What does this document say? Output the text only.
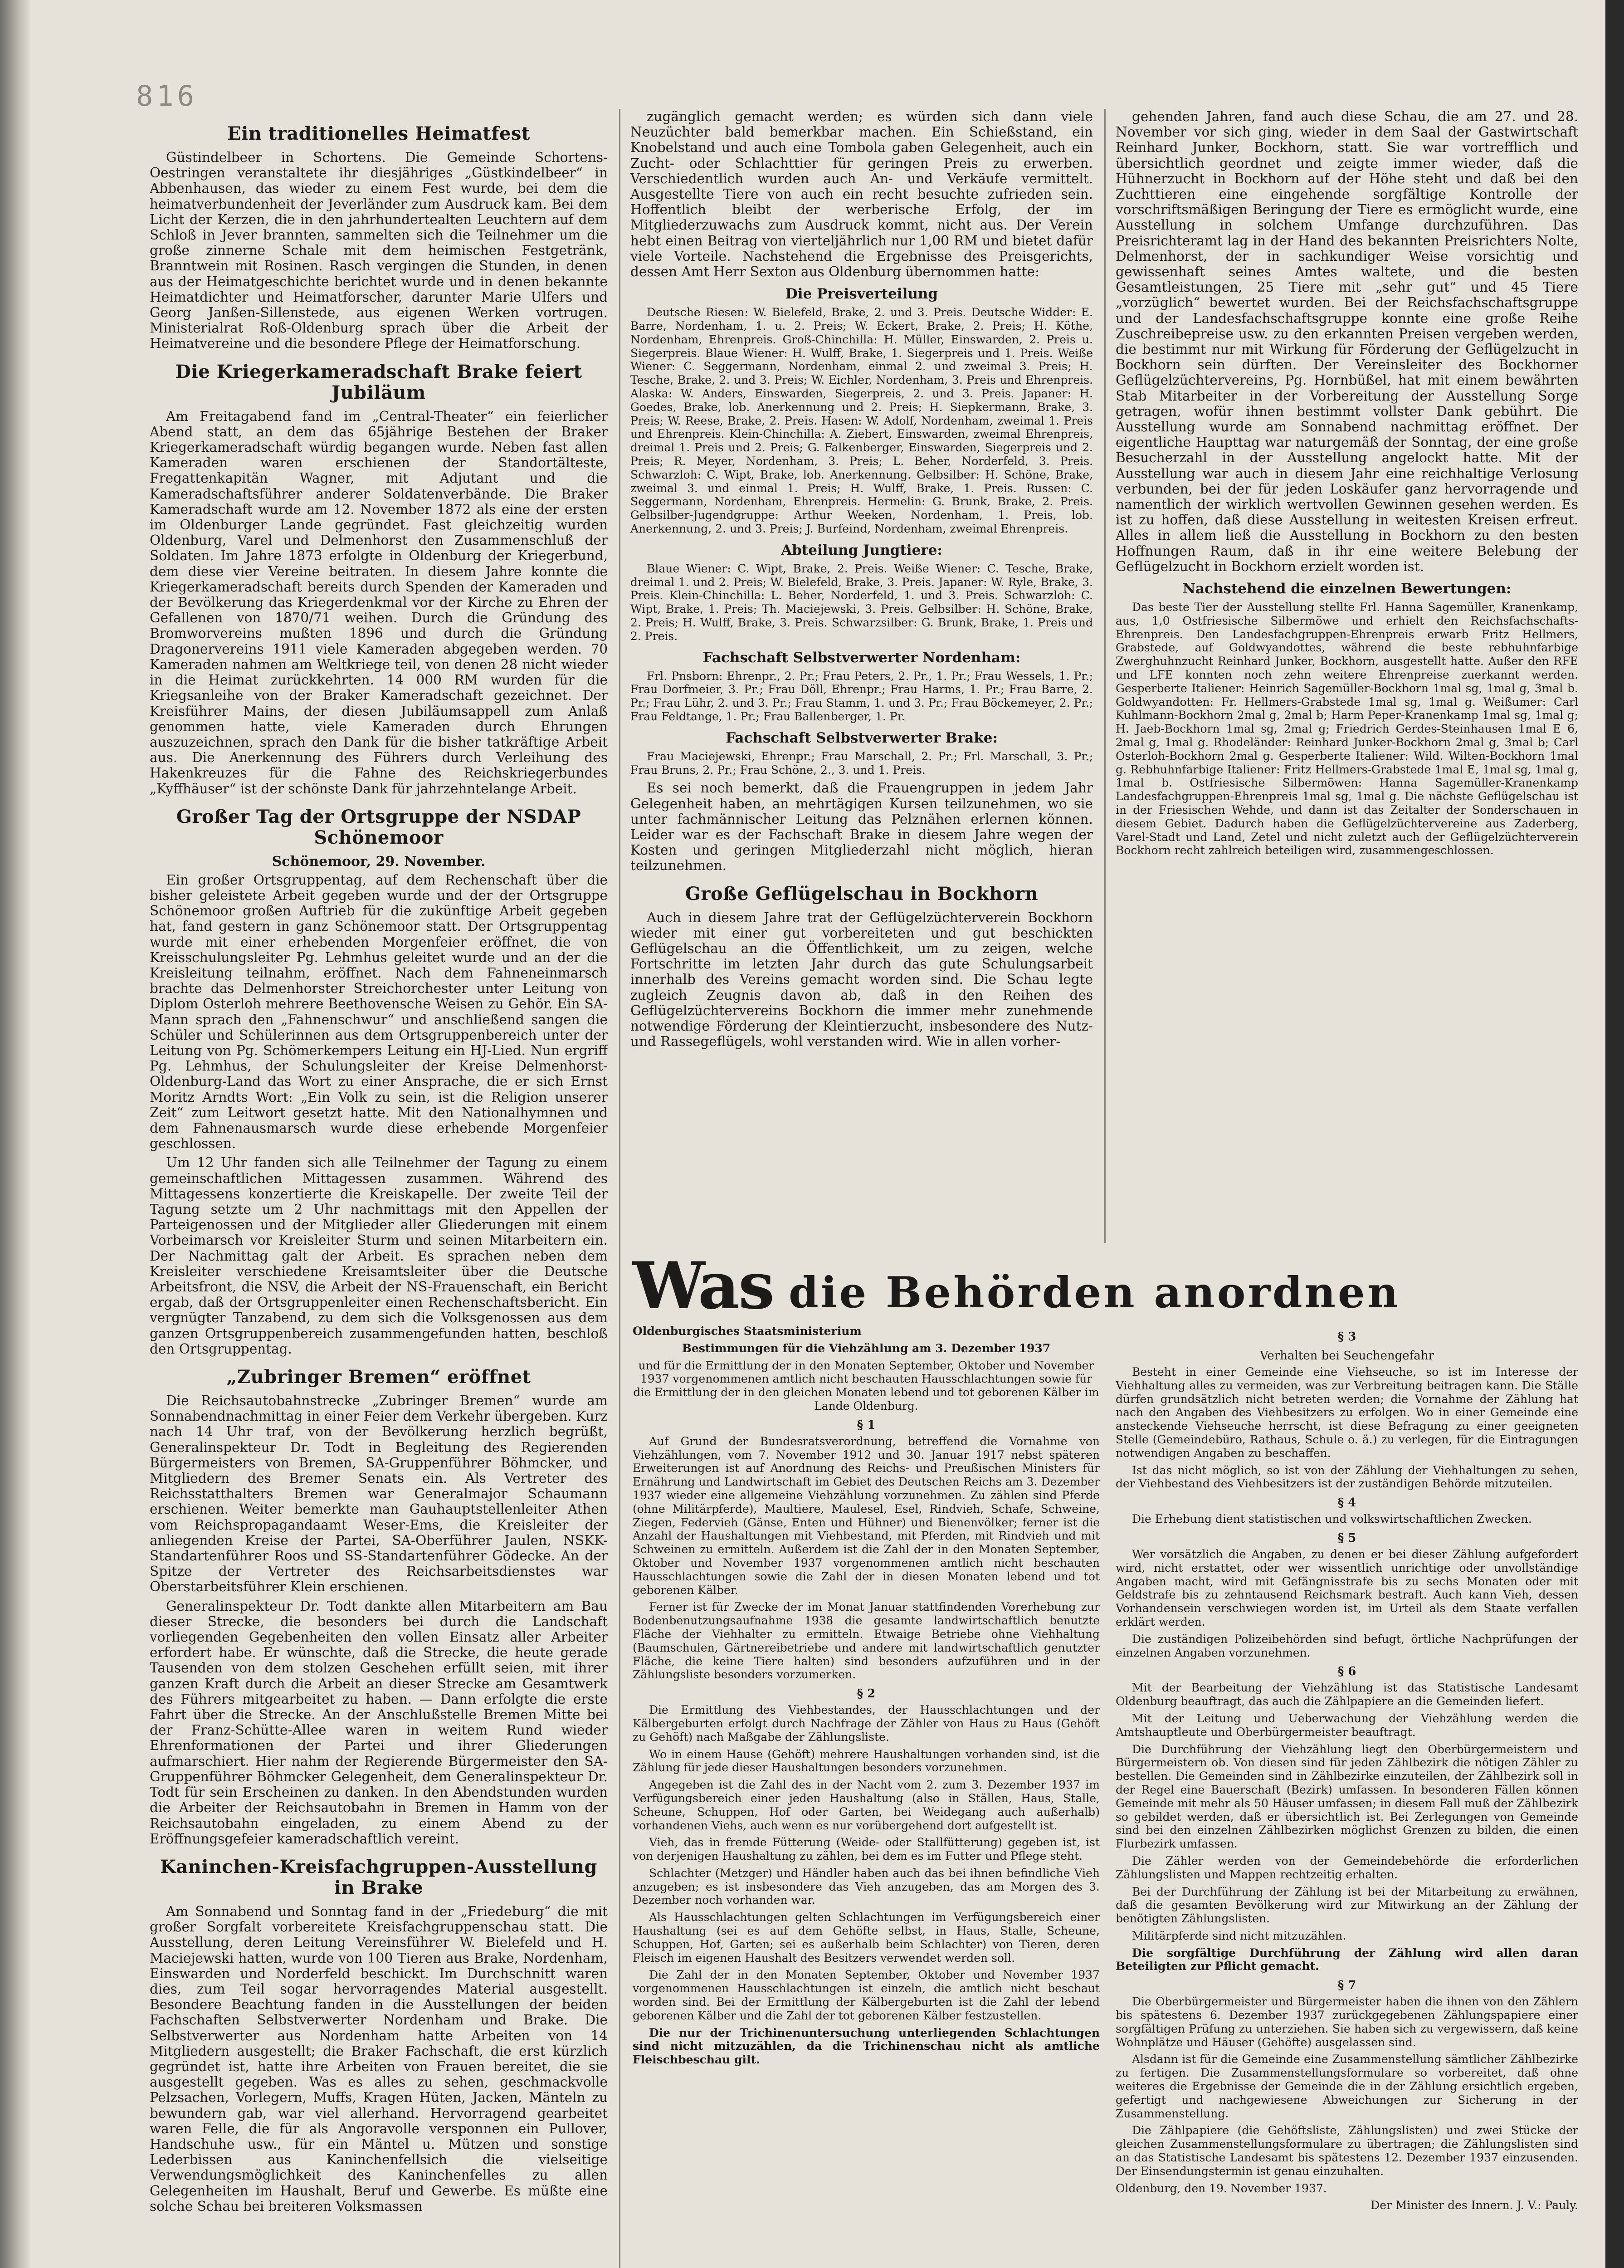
816
Ein traditionelles Heimatfest

Güstindelbeer in Schortens. Die Gemeinde Schortens-Oestringen veranstaltete ihr diesjähriges „Güstkindelbeer“ in Abbenhausen, das wieder zu einem Fest wurde, bei dem die heimatverbundenheit der Jeverländer zum Ausdruck kam. Bei dem Licht der Kerzen, die in den jahrhundertealten Leuchtern auf dem Schloß in Jever brannten, sammelten sich die Teilnehmer um die große zinnerne Schale mit dem heimischen Festgetränk, Branntwein mit Rosinen. Rasch vergingen die Stunden, in denen aus der Heimatgeschichte berichtet wurde und in denen bekannte Heimatdichter und Heimatforscher, darunter Marie Ulfers und Georg Janßen-Sillenstede, aus eigenen Werken vortrugen. Ministerialrat Roß-Oldenburg sprach über die Arbeit der Heimatvereine und die besondere Pflege der Heimatforschung.

Die Kriegerkameradschaft Brake feiert Jubiläum

Am Freitagabend fand im „Central-Theater“ ein feierlicher Abend statt, an dem das 65jährige Bestehen der Braker Kriegerkameradschaft würdig begangen wurde. Neben fast allen Kameraden waren erschienen der Standortälteste, Fregattenkapitän Wagner, mit Adjutant und die Kameradschaftsführer anderer Soldatenverbände. Die Braker Kameradschaft wurde am 12. November 1872 als eine der ersten im Oldenburger Lande gegründet. Fast gleichzeitig wurden Oldenburg, Varel und Delmenhorst den Zusammenschluß der Soldaten. Im Jahre 1873 erfolgte in Oldenburg der Kriegerbund, dem diese vier Vereine beitraten. In diesem Jahre konnte die Kriegerkameradschaft bereits durch Spenden der Kameraden und der Bevölkerung das Kriegerdenkmal vor der Kirche zu Ehren der Gefallenen von 1870/71 weihen. Durch die Gründung des Bromworvereins mußten 1896 und durch die Gründung Dragonervereins 1911 viele Kameraden abgegeben werden. 70 Kameraden nahmen am Weltkriege teil, von denen 28 nicht wieder in die Heimat zurückkehrten. 14 000 RM wurden für die Kriegsanleihe von der Braker Kameradschaft gezeichnet. Der Kreisführer Mains, der diesen Jubiläumsappell zum Anlaß genommen hatte, viele Kameraden durch Ehrungen auszuzeichnen, sprach den Dank für die bisher tatkräftige Arbeit aus. Die Anerkennung des Führers durch Verleihung des Hakenkreuzes für die Fahne des Reichskriegerbundes „Kyffhäuser“ ist der schönste Dank für jahrzehntelange Arbeit.

Großer Tag der Ortsgruppe der NSDAP Schönemoor
Schönemoor, 29. November.

Ein großer Ortsgruppentag, auf dem Rechenschaft über die bisher geleistete Arbeit gegeben wurde und der der Ortsgruppe Schönemoor großen Auftrieb für die zukünftige Arbeit gegeben hat, fand gestern in ganz Schönemoor statt. Der Ortsgruppentag wurde mit einer erhebenden Morgenfeier eröffnet, die von Kreisschulungsleiter Pg. Lehmhus geleitet wurde und an der die Kreisleitung teilnahm, eröffnet. Nach dem Fahneneinmarsch brachte das Delmenhorster Streichorchester unter Leitung von Diplom Osterloh mehrere Beethovensche Weisen zu Gehör. Ein SA-Mann sprach den „Fahnenschwur“ und anschließend sangen die Schüler und Schülerinnen aus dem Ortsgruppenbereich unter der Leitung von Pg. Schömerkempers Leitung ein HJ-Lied. Nun ergriff Pg. Lehmhus, der Schulungsleiter der Kreise Delmenhorst-Oldenburg-Land das Wort zu einer Ansprache, die er sich Ernst Moritz Arndts Wort: „Ein Volk zu sein, ist die Religion unserer Zeit“ zum Leitwort gesetzt hatte. Mit den Nationalhymnen und dem Fahnenausmarsch wurde diese erhebende Morgenfeier geschlossen.

Um 12 Uhr fanden sich alle Teilnehmer der Tagung zu einem gemeinschaftlichen Mittagessen zusammen. Während des Mittagessens konzertierte die Kreiskapelle. Der zweite Teil der Tagung setzte um 2 Uhr nachmittags mit den Appellen der Parteigenossen und der Mitglieder aller Gliederungen mit einem Vorbeimarsch vor Kreisleiter Sturm und seinen Mitarbeitern ein. Der Nachmittag galt der Arbeit. Es sprachen neben dem Kreisleiter verschiedene Kreisamtsleiter über die Deutsche Arbeitsfront, die NSV, die Arbeit der NS-Frauenschaft, ein Bericht ergab, daß der Ortsgruppenleiter einen Rechenschaftsbericht. Ein vergnügter Tanzabend, zu dem sich die Volksgenossen aus dem ganzen Ortsgruppenbereich zusammengefunden hatten, beschloß den Ortsgruppentag.

„Zubringer Bremen“ eröffnet

Die Reichsautobahnstrecke „Zubringer Bremen“ wurde am Sonnabendnachmittag in einer Feier dem Verkehr übergeben. Kurz nach 14 Uhr traf, von der Bevölkerung herzlich begrüßt, Generalinspekteur Dr. Todt in Begleitung des Regierenden Bürgermeisters von Bremen, SA-Gruppenführer Böhmcker, und Mitgliedern des Bremer Senats ein. Als Vertreter des Reichsstatthalters Bremen war Generalmajor Schaumann erschienen. Weiter bemerkte man Gauhauptstellenleiter Athen vom Reichspropagandaamt Weser-Ems, die Kreisleiter der anliegenden Kreise der Partei, SA-Oberführer Jaulen, NSKK-Standartenführer Roos und SS-Standartenführer Gödecke. An der Spitze der Vertreter des Reichsarbeitsdienstes war Oberstarbeitsführer Klein erschienen.

Generalinspekteur Dr. Todt dankte allen Mitarbeitern am Bau dieser Strecke, die besonders bei durch die Landschaft vorliegenden Gegebenheiten den vollen Einsatz aller Arbeiter erfordert habe. Er wünschte, daß die Strecke, die heute gerade Tausenden von dem stolzen Geschehen erfüllt seien, mit ihrer ganzen Kraft durch die Arbeit an dieser Strecke am Gesamtwerk des Führers mitgearbeitet zu haben. — Dann erfolgte die erste Fahrt über die Strecke. An der Anschlußstelle Bremen Mitte bei der Franz-Schütte-Allee waren in weitem Rund wieder Ehrenformationen der Partei und ihrer Gliederungen aufmarschiert. Hier nahm der Regierende Bürgermeister den SA-Gruppenführer Böhmcker Gelegenheit, dem Generalinspekteur Dr. Todt für sein Erscheinen zu danken. In den Abendstunden wurden die Arbeiter der Reichsautobahn in Bremen in Hamm von der Reichsautobahn eingeladen, zu einem Abend zu der Eröffnungsgefeier kameradschaftlich vereint.

Kaninchen-Kreisfachgruppen-Ausstellung in Brake

Am Sonnabend und Sonntag fand in der „Friedeburg“ die mit großer Sorgfalt vorbereitete Kreisfachgruppenschau statt. Die Ausstellung, deren Leitung Vereinsführer W. Bielefeld und H. Maciejewski hatten, wurde von 100 Tieren aus Brake, Nordenham, Einswarden und Norderfeld beschickt. Im Durchschnitt waren dies, zum Teil sogar hervorragendes Material ausgestellt. Besondere Beachtung fanden in die Ausstellungen der beiden Fachschaften Selbstverwerter Nordenham und Brake. Die Selbstverwerter aus Nordenham hatte Arbeiten von 14 Mitgliedern ausgestellt; die Braker Fachschaft, die erst kürzlich gegründet ist, hatte ihre Arbeiten von Frauen bereitet, die sie ausgestellt gegeben. Was es alles zu sehen, geschmackvolle Pelzsachen, Vorlegern, Muffs, Kragen Hüten, Jacken, Mänteln zu bewundern gab, war viel allerhand. Hervorragend gearbeitet waren Felle, die für als Angoravolle versponnen ein Pullover, Handschuhe usw., für ein Mäntel u. Mützen und sonstige Lederbissen aus Kaninchenfellsich die vielseitige Verwendungsmöglichkeit des Kaninchenfelles zu allen Gelegenheiten im Haushalt, Beruf und Gewerbe. Es müßte eine solche Schau bei breiteren Volksmassen

zugänglich gemacht werden; es würden sich dann viele Neuzüchter bald bemerkbar machen. Ein Schießstand, ein Knobelstand und auch eine Tombola gaben Gelegenheit, auch ein Zucht- oder Schlachttier für geringen Preis zu erwerben. Verschiedentlich wurden auch An- und Verkäufe vermittelt. Ausgestellte Tiere von auch ein recht besuchte zufrieden sein. Hoffentlich bleibt der werberische Erfolg, der im Mitgliederzuwachs zum Ausdruck kommt, nicht aus. Der Verein hebt einen Beitrag von vierteljährlich nur 1,00 RM und bietet dafür viele Vorteile. Nachstehend die Ergebnisse des Preisgerichts, dessen Amt Herr Sexton aus Oldenburg übernommen hatte:

Die Preisverteilung

Deutsche Riesen: W. Bielefeld, Brake, 2. und 3. Preis. Deutsche Widder: E. Barre, Nordenham, 1. u. 2. Preis; W. Eckert, Brake, 2. Preis; H. Köthe, Nordenham, Ehrenpreis. Groß-Chinchilla: H. Müller, Einswarden, 2. Preis u. Siegerpreis. Blaue Wiener: H. Wulff, Brake, 1. Siegerpreis und 1. Preis. Weiße Wiener: C. Seggermann, Nordenham, einmal 2. und zweimal 3. Preis; H. Tesche, Brake, 2. und 3. Preis; W. Eichler, Nordenham, 3. Preis und Ehrenpreis. Alaska: W. Anders, Einswarden, Siegerpreis, 2. und 3. Preis. Japaner: H. Goedes, Brake, lob. Anerkennung und 2. Preis; H. Siepkermann, Brake, 3. Preis; W. Reese, Brake, 2. Preis. Hasen: W. Adolf, Nordenham, zweimal 1. Preis und Ehrenpreis. Klein-Chinchilla: A. Ziebert, Einswarden, zweimal Ehrenpreis, dreimal 1. Preis und 2. Preis; G. Falkenberger, Einswarden, Siegerpreis und 2. Preis; R. Meyer, Nordenham, 3. Preis; L. Beher, Norderfeld, 3. Preis. Schwarzloh: C. Wipt, Brake, lob. Anerkennung. Gelbsilber: H. Schöne, Brake, zweimal 3. und einmal 1. Preis; H. Wulff, Brake, 1. Preis. Russen: C. Seggermann, Nordenham, Ehrenpreis. Hermelin: G. Brunk, Brake, 2. Preis. Gelbsilber-Jugendgruppe: Arthur Weeken, Nordenham, 1. Preis, lob. Anerkennung, 2. und 3. Preis; J. Burfeind, Nordenham, zweimal Ehrenpreis.

Abteilung Jungtiere:

Blaue Wiener: C. Wipt, Brake, 2. Preis. Weiße Wiener: C. Tesche, Brake, dreimal 1. und 2. Preis; W. Bielefeld, Brake, 3. Preis. Japaner: W. Ryle, Brake, 3. Preis. Klein-Chinchilla: L. Beher, Norderfeld, 1. und 3. Preis. Schwarzloh: C. Wipt, Brake, 1. Preis; Th. Maciejewski, 3. Preis. Gelbsilber: H. Schöne, Brake, 2. Preis; H. Wulff, Brake, 3. Preis. Schwarzsilber: G. Brunk, Brake, 1. Preis und 2. Preis.

Fachschaft Selbstverwerter Nordenham:

Frl. Pnsborn: Ehrenpr., 2. Pr.; Frau Peters, 2. Pr., 1. Pr.; Frau Wessels, 1. Pr.; Frau Dorfmeier, 3. Pr.; Frau Döll, Ehrenpr.; Frau Harms, 1. Pr.; Frau Barre, 2. Pr.; Frau Lühr, 2. und 3. Pr.; Frau Stamm, 1. und 3. Pr.; Frau Böckemeyer, 2. Pr.; Frau Feldtange, 1. Pr.; Frau Ballenberger, 1. Pr.

Fachschaft Selbstverwerter Brake:

Frau Maciejewski, Ehrenpr.; Frau Marschall, 2. Pr.; Frl. Marschall, 3. Pr.; Frau Bruns, 2. Pr.; Frau Schöne, 2., 3. und 1. Preis.

Es sei noch bemerkt, daß die Frauengruppen in jedem Jahr Gelegenheit haben, an mehrtägigen Kursen teilzunehmen, wo sie unter fachmännischer Leitung das Pelznähen erlernen können. Leider war es der Fachschaft Brake in diesem Jahre wegen der Kosten und geringen Mitgliederzahl nicht möglich, hieran teilzunehmen.

Große Geflügelschau in Bockhorn

Auch in diesem Jahre trat der Geflügelzüchterverein Bockhorn wieder mit einer gut vorbereiteten und gut beschickten Geflügelschau an die Öffentlichkeit, um zu zeigen, welche Fortschritte im letzten Jahr durch das gute Schulungsarbeit innerhalb des Vereins gemacht worden sind. Die Schau legte zugleich Zeugnis davon ab, daß in den Reihen des Geflügelzüchtervereins Bockhorn die immer mehr zunehmende notwendige Förderung der Kleintierzucht, insbesondere des Nutz- und Rassegeflügels, wohl verstanden wird. Wie in allen vorher-

gehenden Jahren, fand auch diese Schau, die am 27. und 28. November vor sich ging, wieder in dem Saal der Gastwirtschaft Reinhard Junker, Bockhorn, statt. Sie war vortrefflich und übersichtlich geordnet und zeigte immer wieder, daß die Hühnerzucht in Bockhorn auf der Höhe steht und daß bei den Zuchttieren eine eingehende sorgfältige Kontrolle der vorschriftsmäßigen Beringung der Tiere es ermöglicht wurde, eine Ausstellung in solchem Umfange durchzuführen. Das Preisrichteramt lag in der Hand des bekannten Preisrichters Nolte, Delmenhorst, der in sachkundiger Weise vorsichtig und gewissenhaft seines Amtes waltete, und die besten Gesamtleistungen, 25 Tiere mit „sehr gut“ und 45 Tiere „vorzüglich“ bewertet wurden. Bei der Reichsfachschaftsgruppe und der Landesfachschaftsgruppe konnte eine große Reihe Zuschreibepreise usw. zu den erkannten Preisen vergeben werden, die bestimmt nur mit Wirkung für Förderung der Geflügelzucht in Bockhorn sein dürften. Der Vereinsleiter des Bockhorner Geflügelzüchtervereins, Pg. Hornbüßel, hat mit einem bewährten Stab Mitarbeiter in der Vorbereitung der Ausstellung Sorge getragen, wofür ihnen bestimmt vollster Dank gebührt. Die Ausstellung wurde am Sonnabend nachmittag eröffnet. Der eigentliche Haupttag war naturgemäß der Sonntag, der eine große Besucherzahl in der Ausstellung angelockt hatte. Mit der Ausstellung war auch in diesem Jahr eine reichhaltige Verlosung verbunden, bei der für jeden Loskäufer ganz hervorragende und namentlich der wirklich wertvollen Gewinnen gesehen werden. Es ist zu hoffen, daß diese Ausstellung in weitesten Kreisen erfreut. Alles in allem ließ die Ausstellung in Bockhorn zu den besten Hoffnungen Raum, daß in ihr eine weitere Belebung der Geflügelzucht in Bockhorn erzielt worden ist.

Nachstehend die einzelnen Bewertungen:

Das beste Tier der Ausstellung stellte Frl. Hanna Sagemüller, Kranenkamp, aus, 1,0 Ostfriesische Silbermöwe und erhielt den Reichsfachschafts-Ehrenpreis. Den Landesfachgruppen-Ehrenpreis erwarb Fritz Hellmers, Grabstede, auf Goldwyandottes, während die beste rebhuhnfarbige Zwerghuhnzucht Reinhard Junker, Bockhorn, ausgestellt hatte. Außer den RFE und LFE konnten noch zehn weitere Ehrenpreise zuerkannt werden. Gesperberte Italiener: Heinrich Sagemüller-Bockhorn 1mal sg, 1mal g, 3mal b. Goldwyandotten: Fr. Hellmers-Grabstede 1mal sg, 1mal g. Weißumer: Carl Kuhlmann-Bockhorn 2mal g, 2mal b; Harm Peper-Kranenkamp 1mal sg, 1mal g; H. Jaeb-Bockhorn 1mal sg, 2mal g; Friedrich Gerdes-Steinhausen 1mal E 6, 2mal g, 1mal g. Rhodeländer: Reinhard Junker-Bockhorn 2mal g, 3mal b; Carl Osterloh-Bockhorn 2mal g. Gesperberte Italiener: Wild. Wilten-Bockhorn 1mal g. Rebhuhnfarbige Italiener: Fritz Hellmers-Grabstede 1mal E, 1mal sg, 1mal g, 1mal b. Ostfriesische Silbermöwen: Hanna Sagemüller-Kranenkamp Landesfachgruppen-Ehrenpreis 1mal sg, 1mal g. Die nächste Geflügelschau ist in der Friesischen Wehde, und dann ist das Zeitalter der Sonderschauen in diesem Gebiet. Dadurch haben die Geflügelzüchtervereine aus Zaderberg, Varel-Stadt und Land, Zetel und nicht zuletzt auch der Geflügelzüchterverein Bockhorn recht zahlreich beteiligen wird, zusammengeschlossen.

Was die Behörden anordnen

Oldenburgisches Staatsministerium

Bestimmungen für die Viehzählung am 3. Dezember 1937

und für die Ermittlung der in den Monaten September, Oktober und November 1937 vorgenommenen amtlich nicht beschauten Hausschlachtungen sowie für die Ermittlung der in den gleichen Monaten lebend und tot geborenen Kälber im Lande Oldenburg.

§ 1

Auf Grund der Bundesratsverordnung, betreffend die Vornahme von Viehzählungen, vom 7. November 1912 und 30. Januar 1917 nebst späteren Erweiterungen ist auf Anordnung des Reichs- und Preußischen Ministers für Ernährung und Landwirtschaft im Gebiet des Deutschen Reichs am 3. Dezember 1937 wieder eine allgemeine Viehzählung vorzunehmen. Zu zählen sind Pferde (ohne Militärpferde), Maultiere, Maulesel, Esel, Rindvieh, Schafe, Schweine, Ziegen, Federvieh (Gänse, Enten und Hühner) und Bienenvölker; ferner ist die Anzahl der Haushaltungen mit Viehbestand, mit Pferden, mit Rindvieh und mit Schweinen zu ermitteln. Außerdem ist die Zahl der in den Monaten September, Oktober und November 1937 vorgenommenen amtlich nicht beschauten Hausschlachtungen sowie die Zahl der in diesen Monaten lebend und tot geborenen Kälber.

Ferner ist für Zwecke der im Monat Januar stattfindenden Vorerhebung zur Bodenbenutzungsaufnahme 1938 die gesamte landwirtschaftlich benutzte Fläche der Viehhalter zu ermitteln. Etwaige Betriebe ohne Viehhaltung (Baumschulen, Gärtnereibetriebe und andere mit landwirtschaftlich genutzter Fläche, die keine Tiere halten) sind besonders aufzuführen und in der Zählungsliste besonders vorzumerken.

§ 2

Die Ermittlung des Viehbestandes, der Hausschlachtungen und der Kälbergeburten erfolgt durch Nachfrage der Zähler von Haus zu Haus (Gehöft zu Gehöft) nach Maßgabe der Zählungsliste.

Wo in einem Hause (Gehöft) mehrere Haushaltungen vorhanden sind, ist die Zählung für jede dieser Haushaltungen besonders vorzunehmen.

Angegeben ist die Zahl des in der Nacht vom 2. zum 3. Dezember 1937 im Verfügungsbereich einer jeden Haushaltung (also in Ställen, Haus, Stalle, Scheune, Schuppen, Hof oder Garten, bei Weidegang auch außerhalb) vorhandenen Viehs, auch wenn es nur vorübergehend dort aufgestellt ist.

Vieh, das in fremde Fütterung (Weide- oder Stallfütterung) gegeben ist, ist von derjenigen Haushaltung zu zählen, bei dem es im Futter und Pflege steht.

Schlachter (Metzger) und Händler haben auch das bei ihnen befindliche Vieh anzugeben; es ist insbesondere das Vieh anzugeben, das am Morgen des 3. Dezember noch vorhanden war.

Als Hausschlachtungen gelten Schlachtungen im Verfügungsbereich einer Haushaltung (sei es auf dem Gehöfte selbst, in Haus, Stalle, Scheune, Schuppen, Hof, Garten; sei es außerhalb beim Schlachter) von Tieren, deren Fleisch im eigenen Haushalt des Besitzers verwendet werden soll.

Die Zahl der in den Monaten September, Oktober und November 1937 vorgenommenen Hausschlachtungen ist einzeln, die amtlich nicht beschaut worden sind. Bei der Ermittlung der Kälbergeburten ist die Zahl der lebend geborenen Kälber und die Zahl der tot geborenen Kälber festzustellen.

Die nur der Trichinenuntersuchung unterliegenden Schlachtungen sind nicht mitzuzählen, da die Trichinenschau nicht als amtliche Fleischbeschau gilt.

§ 3
Verhalten bei Seuchengefahr

Besteht in einer Gemeinde eine Viehseuche, so ist im Interesse der Viehhaltung alles zu vermeiden, was zur Verbreitung beitragen kann. Die Ställe dürfen grundsätzlich nicht betreten werden; die Vornahme der Zählung hat nach den Angaben des Viehbesitzers zu erfolgen. Wo in einer Gemeinde eine ansteckende Viehseuche herrscht, ist diese Befragung zu einer geeigneten Stelle (Gemeindebüro, Rathaus, Schule o. ä.) zu verlegen, für die Eintragungen notwendigen Angaben zu beschaffen.

Ist das nicht möglich, so ist von der Zählung der Viehhaltungen zu sehen, der Viehbestand des Viehbesitzers ist der zuständigen Behörde mitzuteilen.

§ 4

Die Erhebung dient statistischen und volkswirtschaftlichen Zwecken.

§ 5

Wer vorsätzlich die Angaben, zu denen er bei dieser Zählung aufgefordert wird, nicht erstattet, oder wer wissentlich unrichtige oder unvollständige Angaben macht, wird mit Gefängnisstrafe bis zu sechs Monaten oder mit Geldstrafe bis zu zehntausend Reichsmark bestraft. Auch kann Vieh, dessen Vorhandensein verschwiegen worden ist, im Urteil als dem Staate verfallen erklärt werden.

Die zuständigen Polizeibehörden sind befugt, örtliche Nachprüfungen der einzelnen Angaben vorzunehmen.

§ 6

Mit der Bearbeitung der Viehzählung ist das Statistische Landesamt Oldenburg beauftragt, das auch die Zählpapiere an die Gemeinden liefert.

Mit der Leitung und Ueberwachung der Viehzählung werden die Amtshauptleute und Oberbürgermeister beauftragt.

Die Durchführung der Viehzählung liegt den Oberbürgermeistern und Bürgermeistern ob. Von diesen sind für jeden Zählbezirk die nötigen Zähler zu bestellen. Die Gemeinden sind in Zählbezirke einzuteilen, der Zählbezirk soll in der Regel eine Bauerschaft (Bezirk) umfassen. In besonderen Fällen können Gemeinde mit mehr als 50 Häuser umfassen; in diesem Fall muß der Zählbezirk so gebildet werden, daß er übersichtlich ist. Bei Zerlegungen von Gemeinde sind bei den einzelnen Zählbezirken möglichst Grenzen zu bilden, die einen Flurbezirk umfassen.

Die Zähler werden von der Gemeindebehörde die erforderlichen Zählungslisten und Mappen rechtzeitig erhalten.

Bei der Durchführung der Zählung ist bei der Mitarbeitung zu erwähnen, daß die gesamten Bevölkerung wird zur Mitwirkung an der Zählung der benötigten Zählungslisten.

Militärpferde sind nicht mitzuzählen.

Die sorgfältige Durchführung der Zählung wird allen daran Beteiligten zur Pflicht gemacht.

§ 7

Die Oberbürgermeister und Bürgermeister haben die ihnen von den Zählern bis spätestens 6. Dezember 1937 zurückgegebenen Zählungspapiere einer sorgfältigen Prüfung zu unterziehen. Sie haben sich zu vergewissern, daß keine Wohnplätze und Häuser (Gehöfte) ausgelassen sind.

Alsdann ist für die Gemeinde eine Zusammenstellung sämtlicher Zählbezirke zu fertigen. Die Zusammenstellungsformulare so vorbereitet, daß ohne weiteres die Ergebnisse der Gemeinde die in der Zählung ersichtlich ergeben, gefertigt und nachgewiesene Abweichungen zur Sicherung in der Zusammenstellung.

Die Zählpapiere (die Gehöftsliste, Zählungslisten) und zwei Stücke der gleichen Zusammenstellungsformulare zu übertragen; die Zählungslisten sind an das Statistische Landesamt bis spätestens 12. Dezember 1937 einzusenden. Der Einsendungstermin ist genau einzuhalten.

Oldenburg, den 19. November 1937.

Der Minister des Innern. J. V.: Pauly.
